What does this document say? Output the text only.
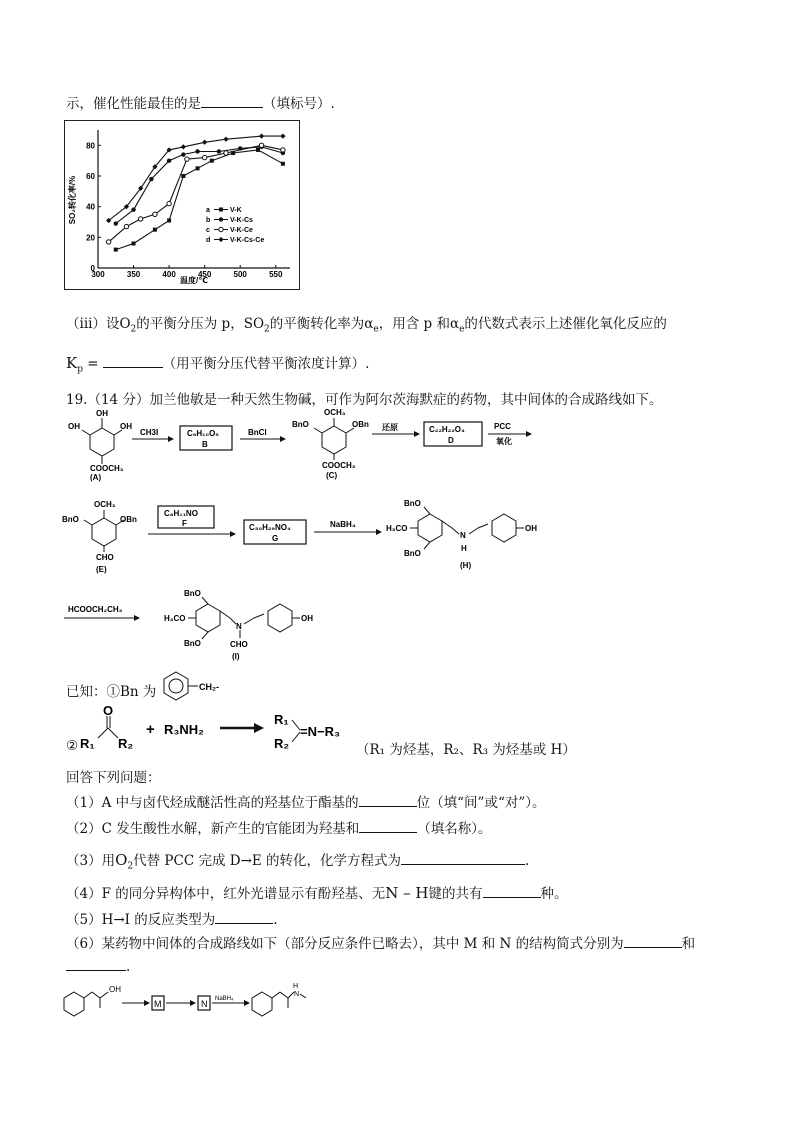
示，催化性能最佳的是	（填标号）.
300	350	400	450	500	550
0
20
40
60
80
a	V-K
b	V-K-Cs
c	V-K-Ce
d	V-K-Cs-Ce
SO₂转化率/%
温度/℃
（iii）设$O_2$的平衡分压为 p，$SO_2$的平衡转化率为$\alpha_e$，用含 p 和$\alpha_e$的代数式表示上述催化氧化反应的
$K_p$ =	（用平衡分压代替平衡浓度计算）.
19.（14 分）加兰他敏是一种天然生物碱，可作为阿尔茨海默症的药物，其中间体的合成路线如下。
OH
OH	OH
COOCH₃
(A)
CH3I	C₉H₁₀O₅
B
BnCl
OCH₃
BnO	OBn
COOCH₃
(C)
还原	C₂₂H₂₂O₄
D
PCC
氧化
OCH₃
BnO	OBn
CHO
(E)
C₈H₁₁NO
F	C₃₀H₂₉NO₄
G
NaBH₄
BnO
H₃CO
BnO
N
H
OH
(H)
HCOOCH₂CH₃
BnO
H₃CO
BnO
N
CHO
OH
(I)
已知：①Bn 为	CH₂-
②
O
R₁ R₂
+ R₃NH₂
R₁
R₂
=N−R₃
（R₁ 为烃基，R₂、R₃ 为烃基或 H）
回答下列问题：
（1）A 中与卤代烃成醚活性高的羟基位于酯基的	位（填“间”或“对”）。
（2）C 发生酸性水解，新产生的官能团为羟基和	（填名称）。
（3）用$O_2$代替 PCC 完成 D→E 的转化，化学方程式为	.
（4）F 的同分异构体中，红外光谱显示有酚羟基、无N – H键的共有	种。
（5）H→I 的反应类型为	.
（6）某药物中间体的合成路线如下（部分反应条件已略去），其中 M 和 N 的结构简式分别为	和
.
OH
M	N NaBH₄
H
N
